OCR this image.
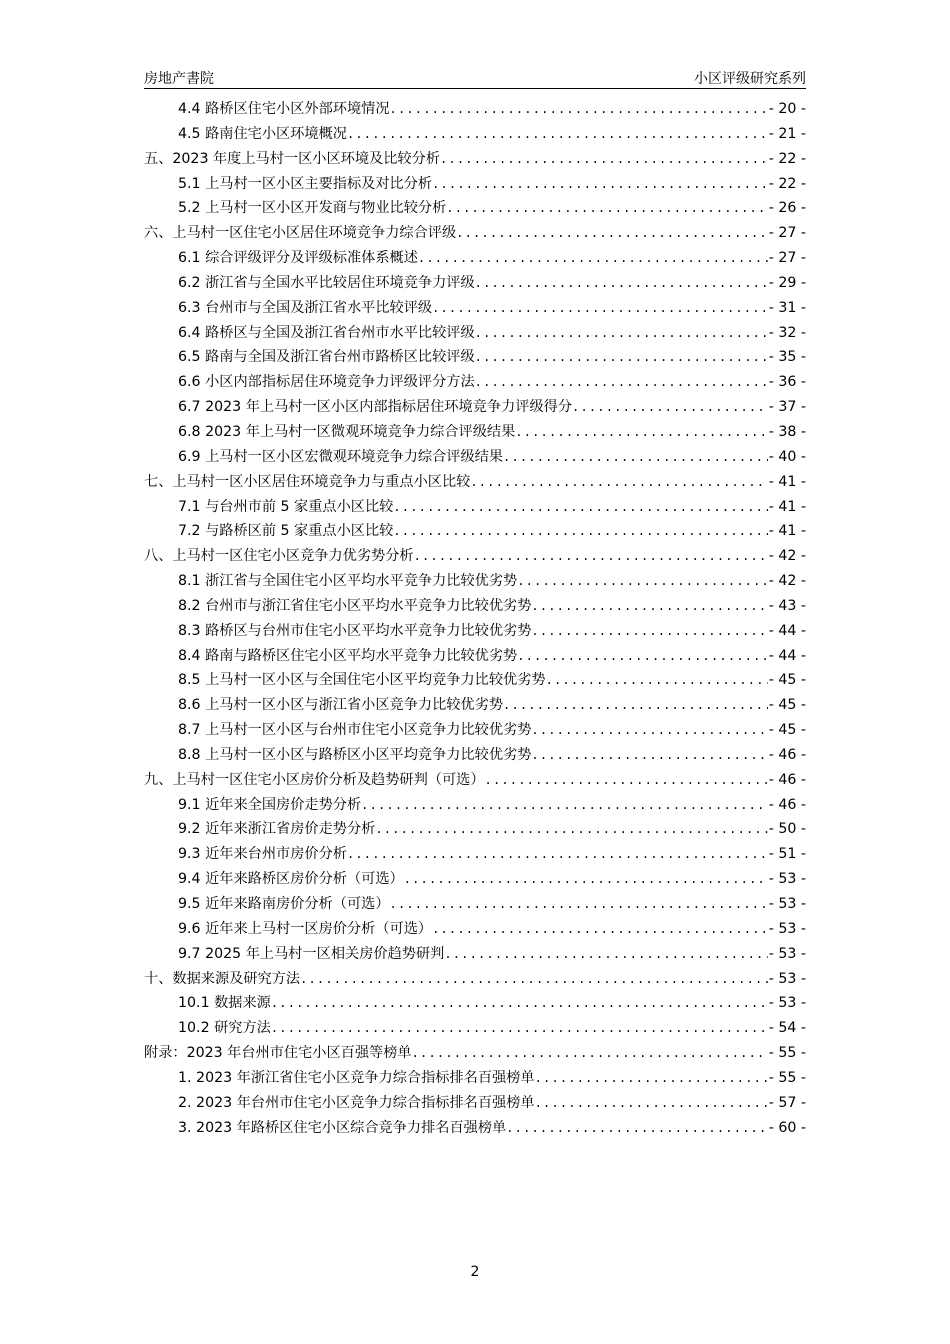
房地产書院	小区评级研究系列
4.4 路桥区住宅小区外部环境情况 .....	- 20 -
4.5 路南住宅小区环境概况 .....	- 21 -
五、2023 年度上马村一区小区环境及比较分析 .....	- 22 -
5.1 上马村一区小区主要指标及对比分析 .....	- 22 -
5.2 上马村一区小区开发商与物业比较分析 .....	- 26 -
六、上马村一区住宅小区居住环境竞争力综合评级 .....	- 27 -
6.1 综合评级评分及评级标准体系概述 .....	- 27 -
6.2 浙江省与全国水平比较居住环境竞争力评级 .....	- 29 -
6.3 台州市与全国及浙江省水平比较评级 .....	- 31 -
6.4 路桥区与全国及浙江省台州市水平比较评级 .....	- 32 -
6.5 路南与全国及浙江省台州市路桥区比较评级 .....	- 35 -
6.6 小区内部指标居住环境竞争力评级评分方法 .....	- 36 -
6.7 2023 年上马村一区小区内部指标居住环境竞争力评级得分 .....	- 37 -
6.8 2023 年上马村一区微观环境竞争力综合评级结果 .....	- 38 -
6.9 上马村一区小区宏微观环境竞争力综合评级结果 .....	- 40 -
七、上马村一区小区居住环境竞争力与重点小区比较 .....	- 41 -
7.1 与台州市前 5 家重点小区比较 .....	- 41 -
7.2 与路桥区前 5 家重点小区比较 .....	- 41 -
八、上马村一区住宅小区竞争力优劣势分析 .....	- 42 -
8.1 浙江省与全国住宅小区平均水平竞争力比较优劣势 .....	- 42 -
8.2 台州市与浙江省住宅小区平均水平竞争力比较优劣势 .....	- 43 -
8.3 路桥区与台州市住宅小区平均水平竞争力比较优劣势 .....	- 44 -
8.4 路南与路桥区住宅小区平均水平竞争力比较优劣势 .....	- 44 -
8.5 上马村一区小区与全国住宅小区平均竞争力比较优劣势 .....	- 45 -
8.6 上马村一区小区与浙江省小区竞争力比较优劣势 .....	- 45 -
8.7 上马村一区小区与台州市住宅小区竞争力比较优劣势 .....	- 45 -
8.8 上马村一区小区与路桥区小区平均竞争力比较优劣势 .....	- 46 -
九、上马村一区住宅小区房价分析及趋势研判（可选） .....	- 46 -
9.1 近年来全国房价走势分析 .....	- 46 -
9.2 近年来浙江省房价走势分析 .....	- 50 -
9.3 近年来台州市房价分析 .....	- 51 -
9.4 近年来路桥区房价分析（可选） .....	- 53 -
9.5 近年来路南房价分析（可选） .....	- 53 -
9.6 近年来上马村一区房价分析（可选） .....	- 53 -
9.7 2025 年上马村一区相关房价趋势研判 .....	- 53 -
十、数据来源及研究方法 .....	- 53 -
10.1 数据来源 .....	- 53 -
10.2 研究方法 .....	- 54 -
附录：2023 年台州市住宅小区百强等榜单 .....	- 55 -
1. 2023 年浙江省住宅小区竞争力综合指标排名百强榜单 .....	- 55 -
2. 2023 年台州市住宅小区竞争力综合指标排名百强榜单 .....	- 57 -
3. 2023 年路桥区住宅小区综合竞争力排名百强榜单 .....	- 60 -
2
